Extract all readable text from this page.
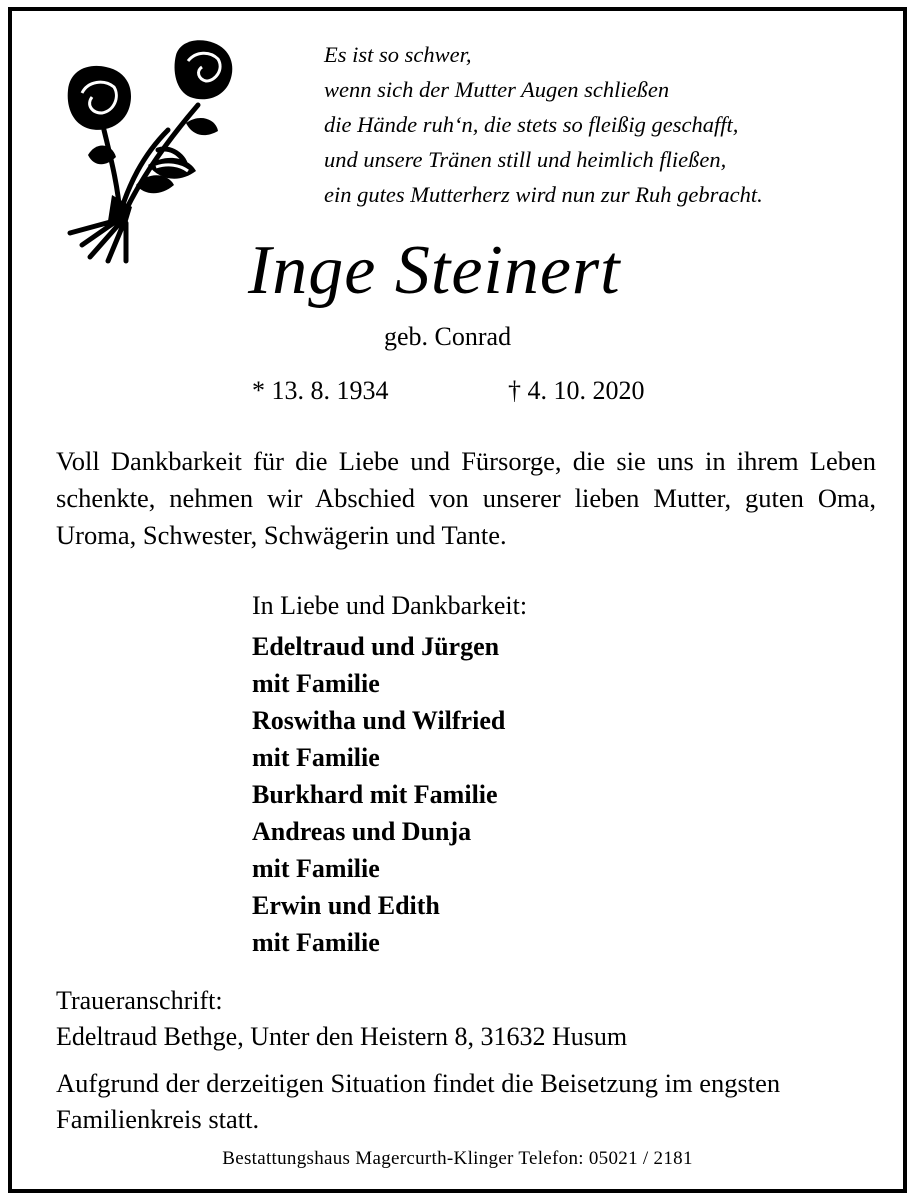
Es ist so schwer,
wenn sich der Mutter Augen schließen
die Hände ruh‘n, die stets so fleißig geschafft,
und unsere Tränen still und heimlich fließen,
ein gutes Mutterherz wird nun zur Ruh gebracht.
Inge Steinert
geb. Conrad
* 13. 8. 1934	† 4. 10. 2020
Voll Dankbarkeit für die Liebe und Fürsorge, die sie uns in ihrem Leben schenkte, nehmen wir Abschied von unserer lieben Mutter, guten Oma, Uroma, Schwester, Schwägerin und Tante.
In Liebe und Dankbarkeit:
Edeltraud und Jürgen
mit Familie
Roswitha und Wilfried
mit Familie
Burkhard mit Familie
Andreas und Dunja
mit Familie
Erwin und Edith
mit Familie
Traueranschrift:
Edeltraud Bethge, Unter den Heistern 8, 31632 Husum
Aufgrund der derzeitigen Situation findet die Beisetzung im engsten Familienkreis statt.
Bestattungshaus Magercurth-Klinger Telefon: 05021 / 2181
